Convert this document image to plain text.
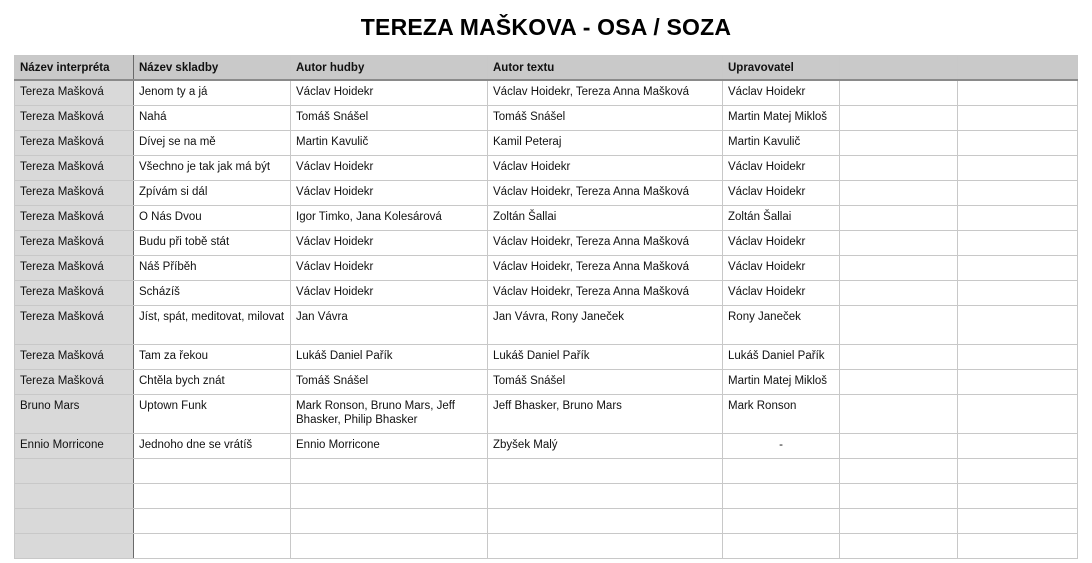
TEREZA MAŠKOVA - OSA / SOZA
Název interpréta	Název skladby	Autor hudby	Autor textu	Upravovatel		
Tereza Mašková	Jenom ty a já	Václav Hoidekr	Václav Hoidekr, Tereza Anna Mašková	Václav Hoidekr		
Tereza Mašková	Nahá	Tomáš Snášel	Tomáš Snášel	Martin Matej Mikloš		
Tereza Mašková	Dívej se na mě	Martin Kavulič	Kamil Peteraj	Martin Kavulič		
Tereza Mašková	Všechno je tak jak má být	Václav Hoidekr	Václav Hoidekr	Václav Hoidekr		
Tereza Mašková	Zpívám si dál	Václav Hoidekr	Václav Hoidekr, Tereza Anna Mašková	Václav Hoidekr		
Tereza Mašková	O Nás Dvou	Igor Timko, Jana Kolesárová	Zoltán Šallai	Zoltán Šallai		
Tereza Mašková	Budu při tobě stát	Václav Hoidekr	Václav Hoidekr, Tereza Anna Mašková	Václav Hoidekr		
Tereza Mašková	Náš Příběh	Václav Hoidekr	Václav Hoidekr, Tereza Anna Mašková	Václav Hoidekr		
Tereza Mašková	Scházíš	Václav Hoidekr	Václav Hoidekr, Tereza Anna Mašková	Václav Hoidekr		
Tereza Mašková	Jíst, spát, meditovat, milovat	Jan Vávra	Jan Vávra, Rony Janeček	Rony Janeček		
Tereza Mašková	Tam za řekou	Lukáš Daniel Pařík	Lukáš Daniel Pařík	Lukáš Daniel Pařík		
Tereza Mašková	Chtěla bych znát	Tomáš Snášel	Tomáš Snášel	Martin Matej Mikloš		
Bruno Mars	Uptown Funk	Mark Ronson, Bruno Mars, Jeff Bhasker, Philip Bhasker	Jeff Bhasker, Bruno Mars	Mark Ronson		
Ennio Morricone	Jednoho dne se vrátíš	Ennio Morricone	Zbyšek Malý	-		
